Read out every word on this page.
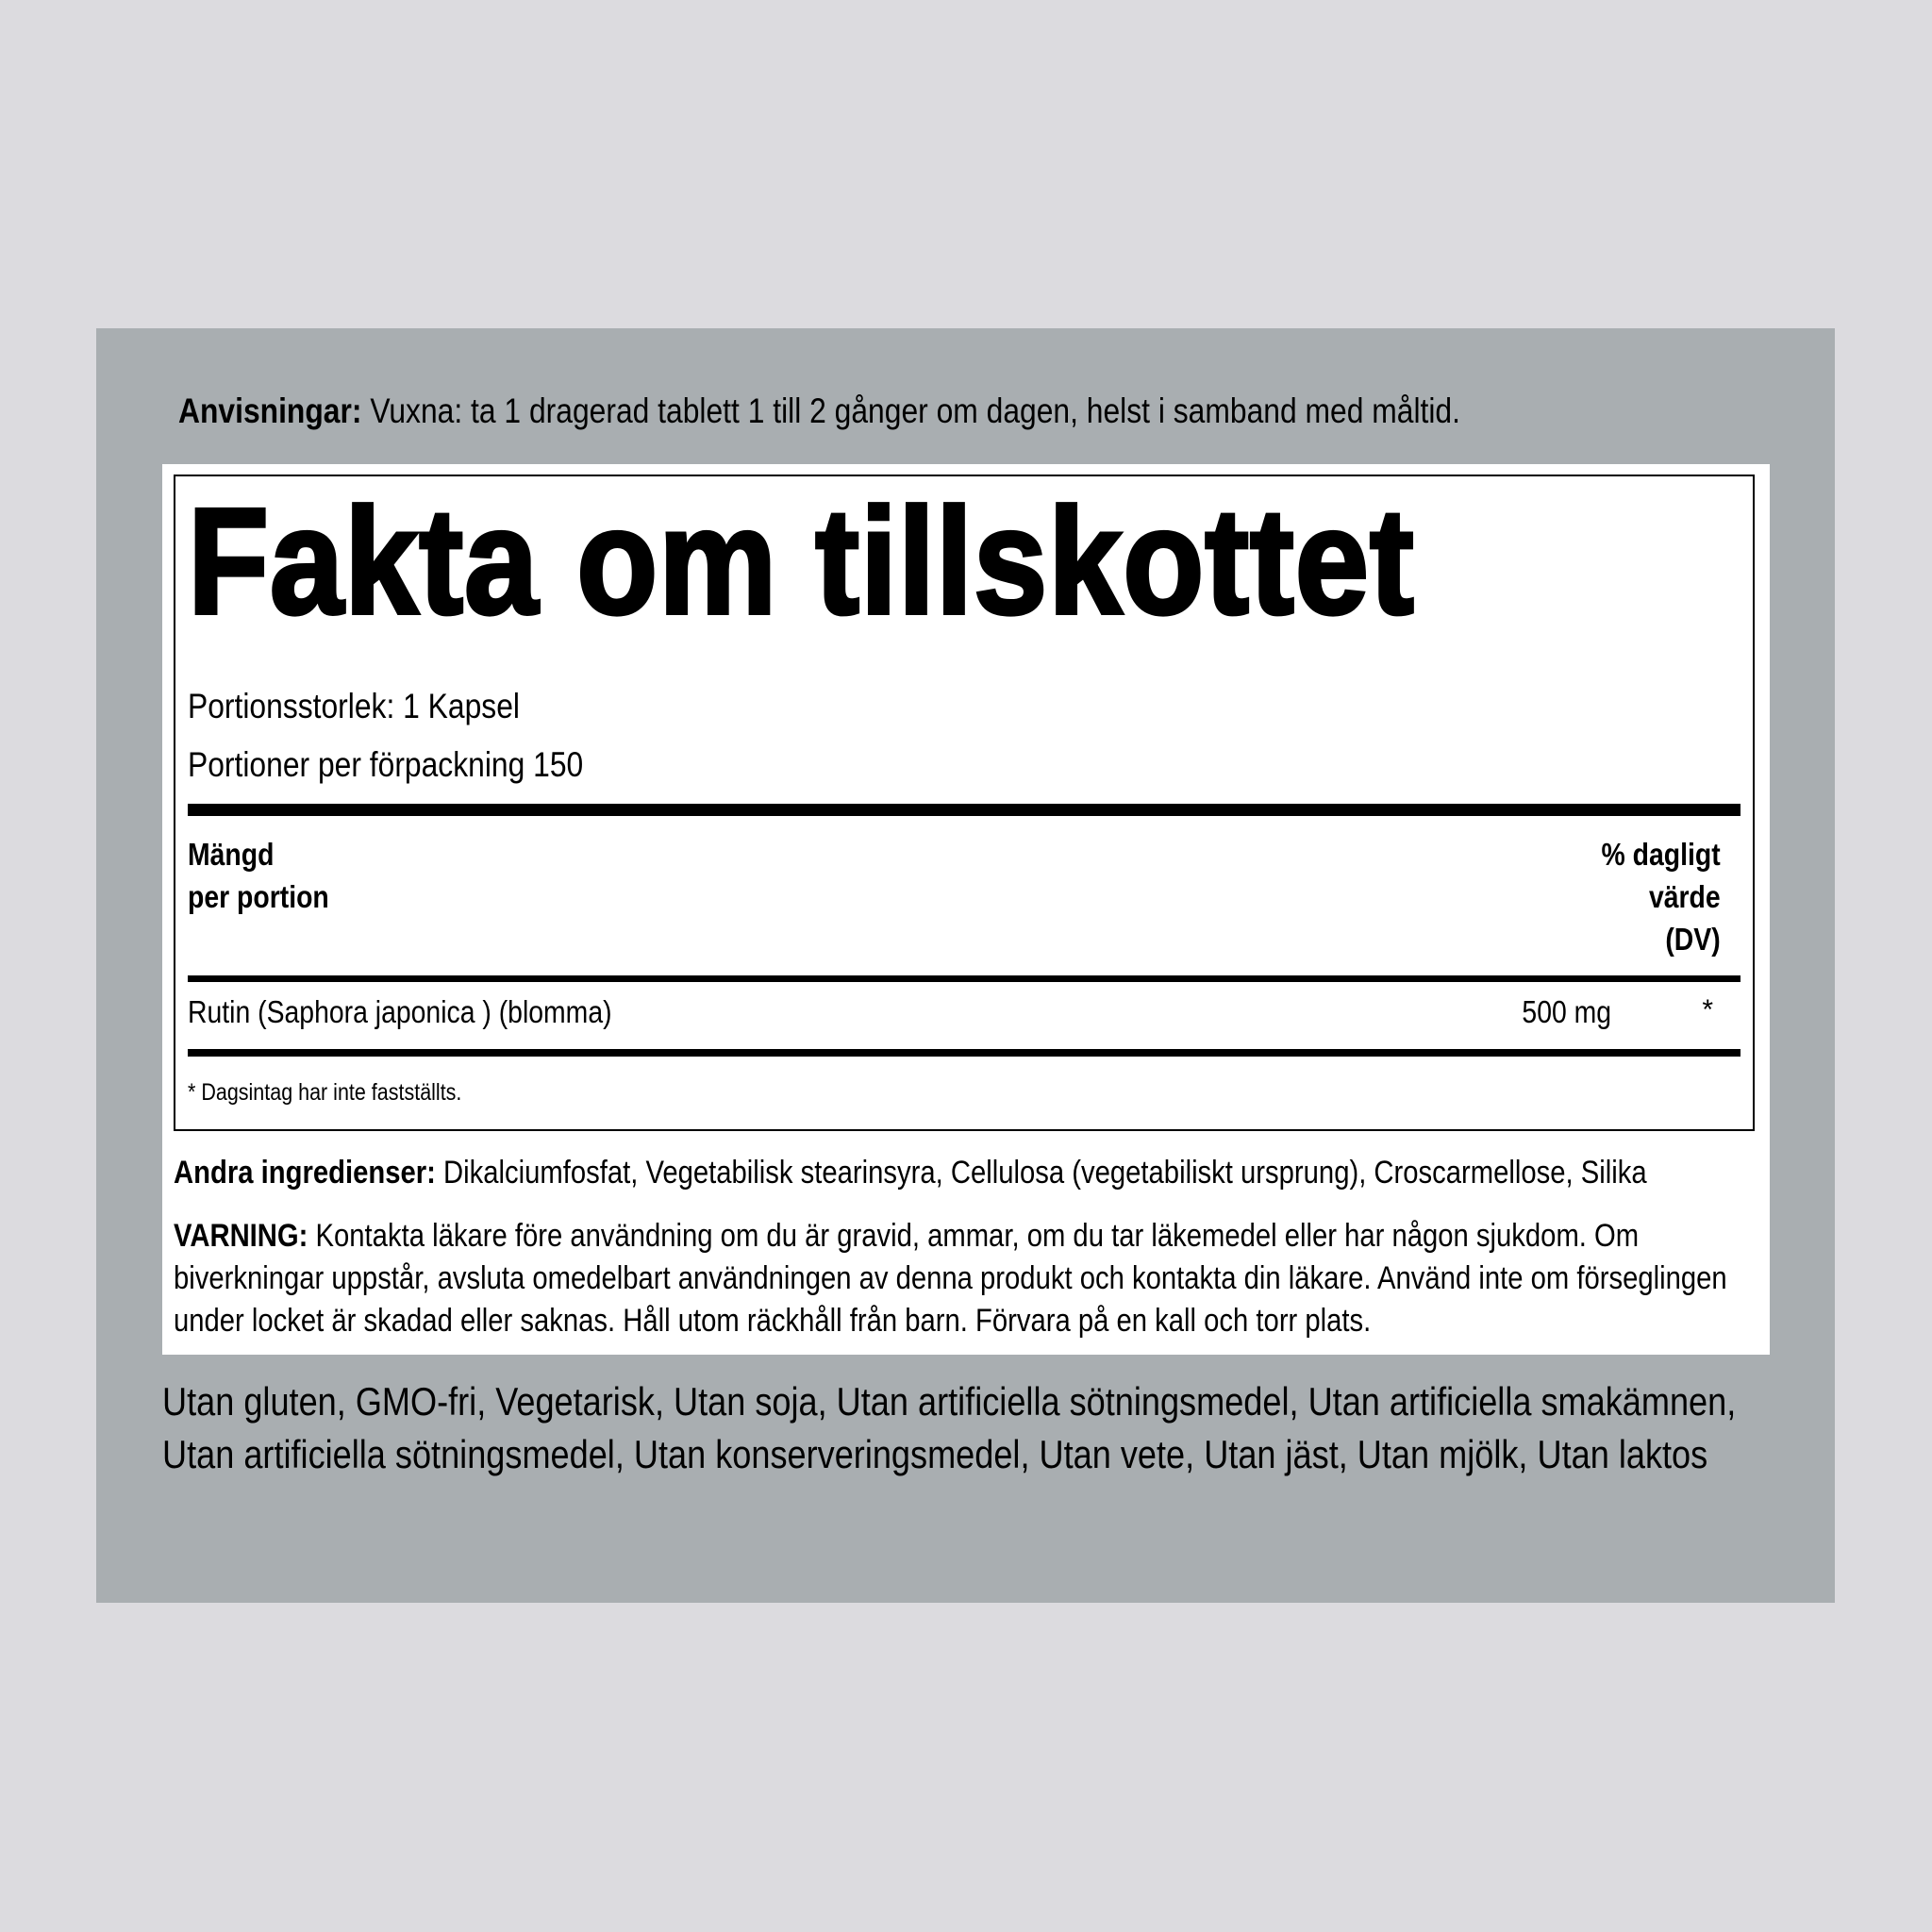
Anvisningar: Vuxna: ta 1 dragerad tablett 1 till 2 gånger om dagen, helst i samband med måltid.
Fakta om tillskottet
Portionsstorlek: 1 Kapsel
Portioner per förpackning 150
Mängd
per portion
% dagligt
värde
(DV)
Rutin (Saphora japonica ) (blomma)	500 mg	*
* Dagsintag har inte fastställts.
Andra ingredienser: Dikalciumfosfat, Vegetabilisk stearinsyra, Cellulosa (vegetabiliskt ursprung), Croscarmellose, Silika
VARNING: Kontakta läkare före användning om du är gravid, ammar, om du tar läkemedel eller har någon sjukdom. Om biverkningar uppstår, avsluta omedelbart användningen av denna produkt och kontakta din läkare. Använd inte om förseglingen under locket är skadad eller saknas. Håll utom räckhåll från barn. Förvara på en kall och torr plats.
Utan gluten, GMO-fri, Vegetarisk, Utan soja, Utan artificiella sötningsmedel, Utan artificiella smakämnen, Utan artificiella sötningsmedel, Utan konserveringsmedel, Utan vete, Utan jäst, Utan mjölk, Utan laktos
